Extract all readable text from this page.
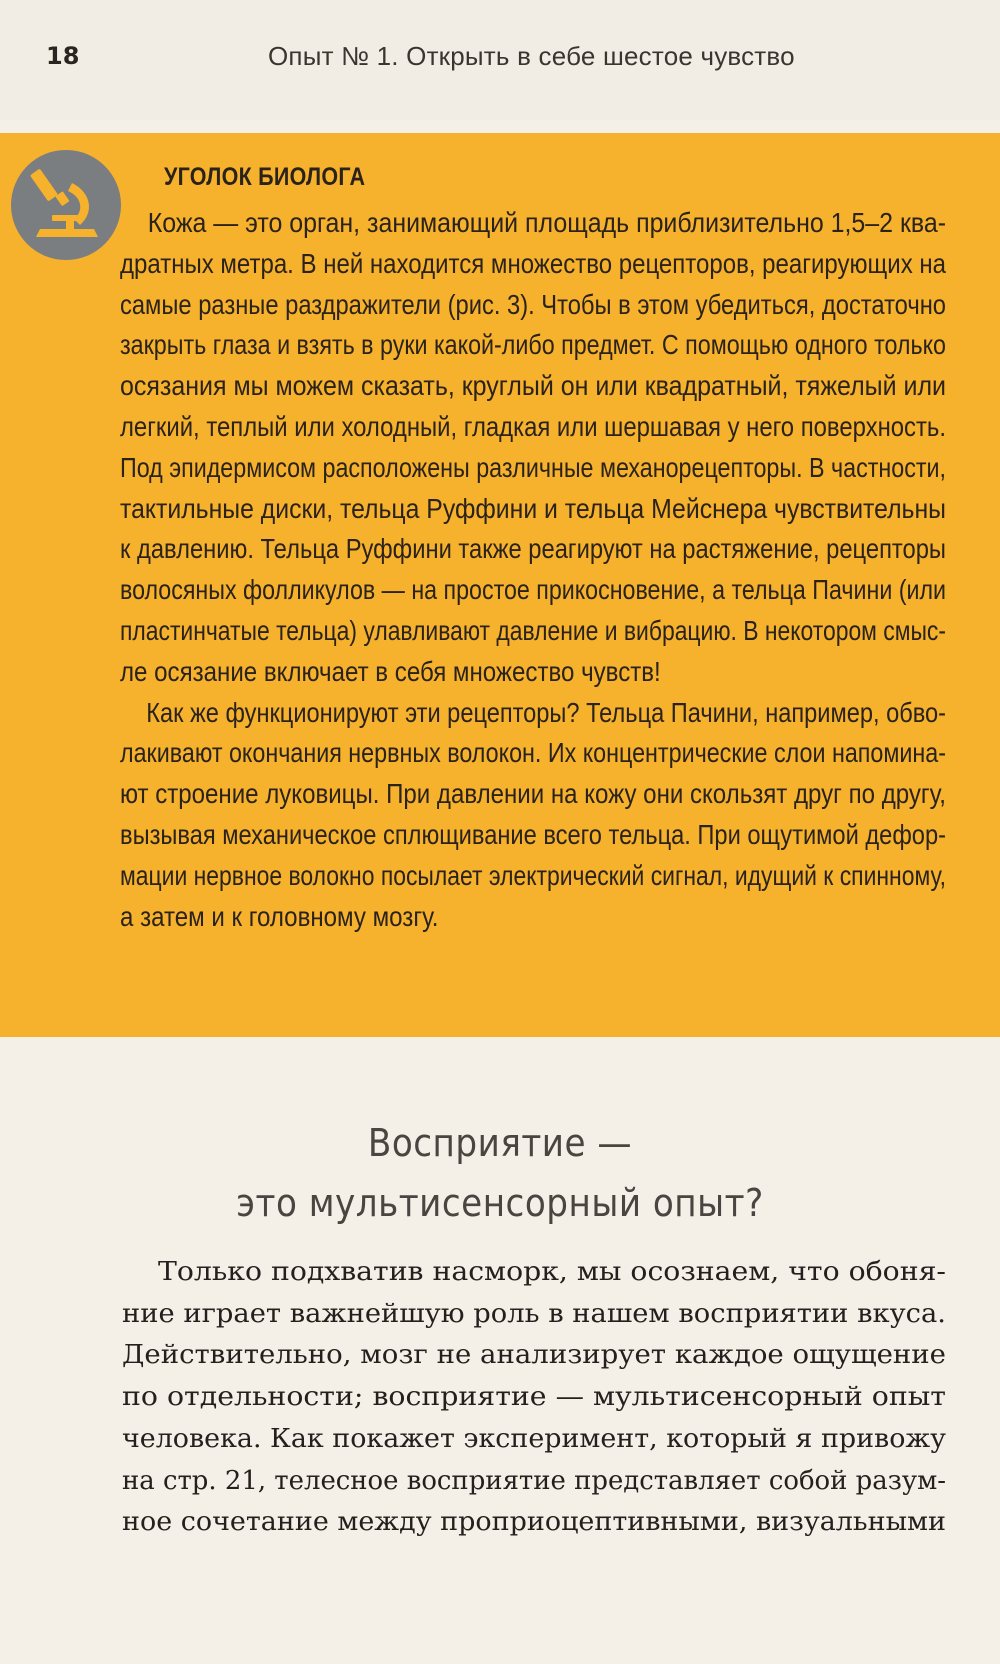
18	Опыт № 1. Открыть в себе шестое чувство
УГОЛОК БИОЛОГА
Кожа — это орган, занимающий площадь приблизительно 1,5–2 ква-
дратных метра. В ней находится множество рецепторов, реагирующих на
самые разные раздражители (рис. 3). Чтобы в этом убедиться, достаточно
закрыть глаза и взять в руки какой-либо предмет. С помощью одного только
осязания мы можем сказать, круглый он или квадратный, тяжелый или
легкий, теплый или холодный, гладкая или шершавая у него поверхность.
Под эпидермисом расположены различные механорецепторы. В частности,
тактильные диски, тельца Руффини и тельца Мейснера чувствительны
к давлению. Тельца Руффини также реагируют на растяжение, рецепторы
волосяных фолликулов — на простое прикосновение, а тельца Пачини (или
пластинчатые тельца) улавливают давление и вибрацию. В некотором смыс-
ле осязание включает в себя множество чувств!
Как же функционируют эти рецепторы? Тельца Пачини, например, обво-
лакивают окончания нервных волокон. Их концентрические слои напомина-
ют строение луковицы. При давлении на кожу они скользят друг по другу,
вызывая механическое сплющивание всего тельца. При ощутимой дефор-
мации нервное волокно посылает электрический сигнал, идущий к спинному,
а затем и к головному мозгу.
Восприятие —
это мультисенсорный опыт?
Только подхватив насморк, мы осознаем, что обоня-
ние играет важнейшую роль в нашем восприятии вкуса.
Действительно, мозг не анализирует каждое ощущение
по отдельности; восприятие — мультисенсорный опыт
человека. Как покажет эксперимент, который я привожу
на стр. 21, телесное восприятие представляет собой разум-
ное сочетание между проприоцептивными, визуальными
